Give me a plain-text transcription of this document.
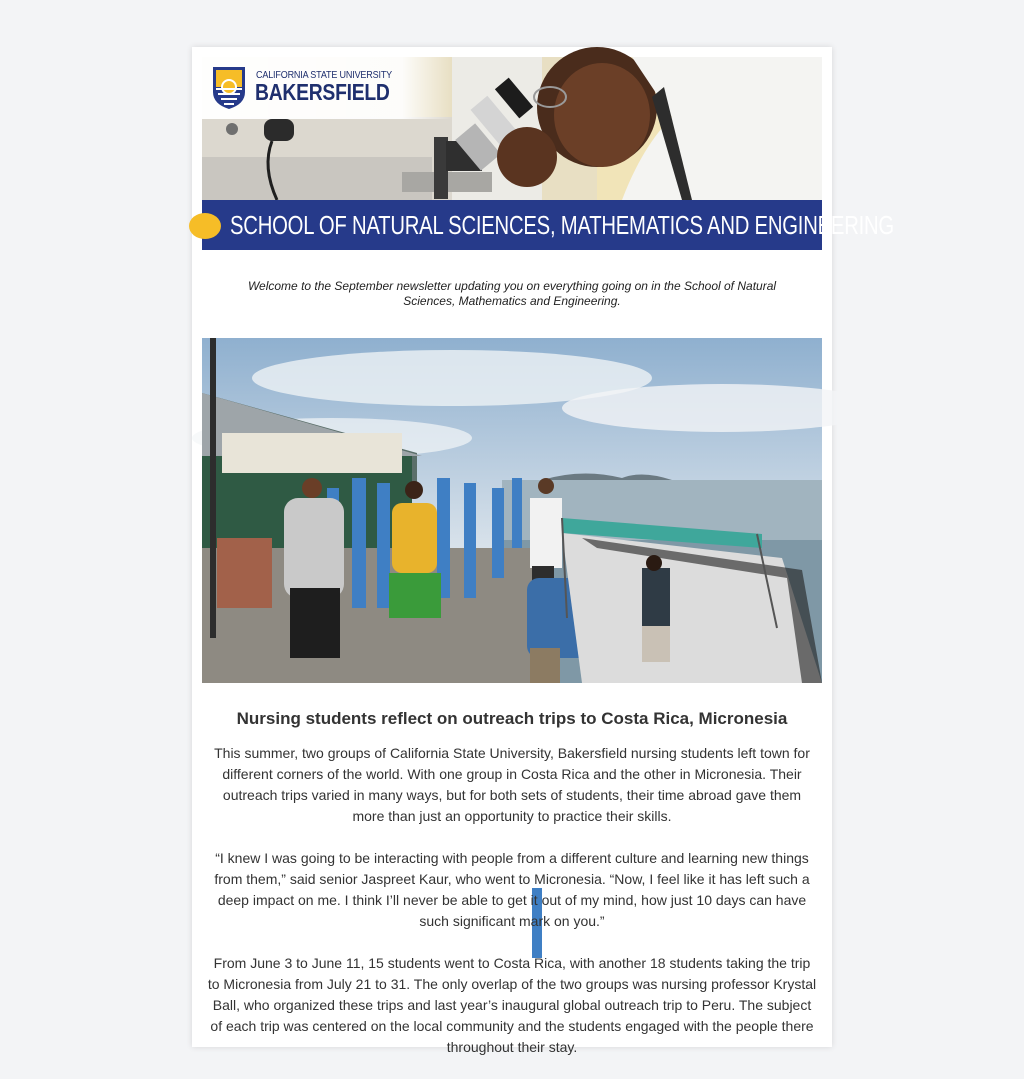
CALIFORNIA STATE UNIVERSITY
BAKERSFIELD
SCHOOL OF NATURAL SCIENCES, MATHEMATICS AND ENGINEERING
Welcome to the September newsletter updating you on everything going on in the School of Natural Sciences, Mathematics and Engineering.
Nursing students reflect on outreach trips to Costa Rica, Micronesia

This summer, two groups of California State University, Bakersfield nursing students left town for different corners of the world. With one group in Costa Rica and the other in Micronesia. Their outreach trips varied in many ways, but for both sets of students, their time abroad gave them more than just an opportunity to practice their skills.

“I knew I was going to be interacting with people from a different culture and learning new things from them,” said senior Jaspreet Kaur, who went to Micronesia. “Now, I feel like it has left such a deep impact on me. I think I’ll never be able to get it out of my mind, how just 10 days can have such significant mark on you.”

From June 3 to June 11, 15 students went to Costa Rica, with another 18 students taking the trip to Micronesia from July 21 to 31. The only overlap of the two groups was nursing professor Krystal Ball, who organized these trips and last year’s inaugural global outreach trip to Peru. The subject of each trip was centered on the local community and the students engaged with the people there throughout their stay.
